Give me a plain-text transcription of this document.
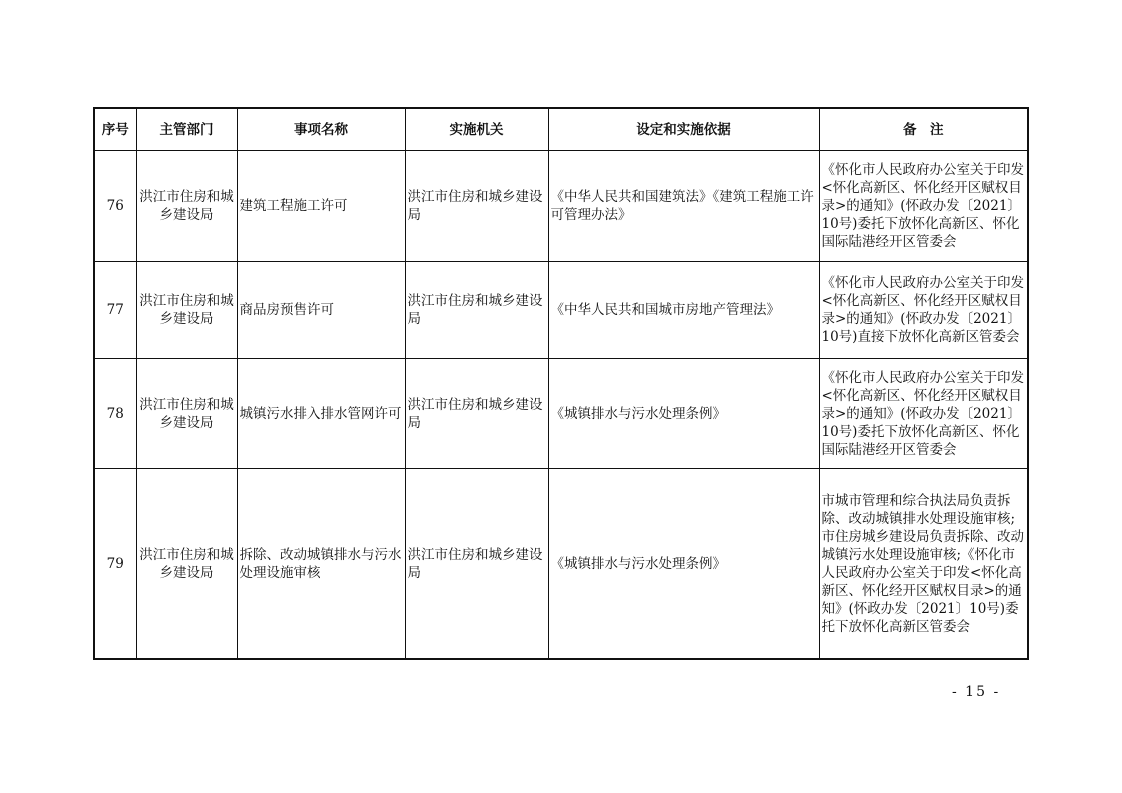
序号	主管部门	事项名称	实施机关	设定和实施依据	备　注
76	洪江市住房和城乡建设局	建筑工程施工许可	洪江市住房和城乡建设局	《中华人民共和国建筑法》《建筑工程施工许可管理办法》	《怀化市人民政府办公室关于印发<怀化高新区、怀化经开区赋权目录>的通知》(怀政办发〔2021〕10号)委托下放怀化高新区、怀化国际陆港经开区管委会
77	洪江市住房和城乡建设局	商品房预售许可	洪江市住房和城乡建设局	《中华人民共和国城市房地产管理法》	《怀化市人民政府办公室关于印发<怀化高新区、怀化经开区赋权目录>的通知》(怀政办发〔2021〕10号)直接下放怀化高新区管委会
78	洪江市住房和城乡建设局	城镇污水排入排水管网许可	洪江市住房和城乡建设局	《城镇排水与污水处理条例》	《怀化市人民政府办公室关于印发<怀化高新区、怀化经开区赋权目录>的通知》(怀政办发〔2021〕10号)委托下放怀化高新区、怀化国际陆港经开区管委会
79	洪江市住房和城乡建设局	拆除、改动城镇排水与污水处理设施审核	洪江市住房和城乡建设局	《城镇排水与污水处理条例》	市城市管理和综合执法局负责拆除、改动城镇排水处理设施审核;市住房城乡建设局负责拆除、改动城镇污水处理设施审核;《怀化市人民政府办公室关于印发<怀化高新区、怀化经开区赋权目录>的通知》(怀政办发〔2021〕10号)委托下放怀化高新区管委会
- 15 -
